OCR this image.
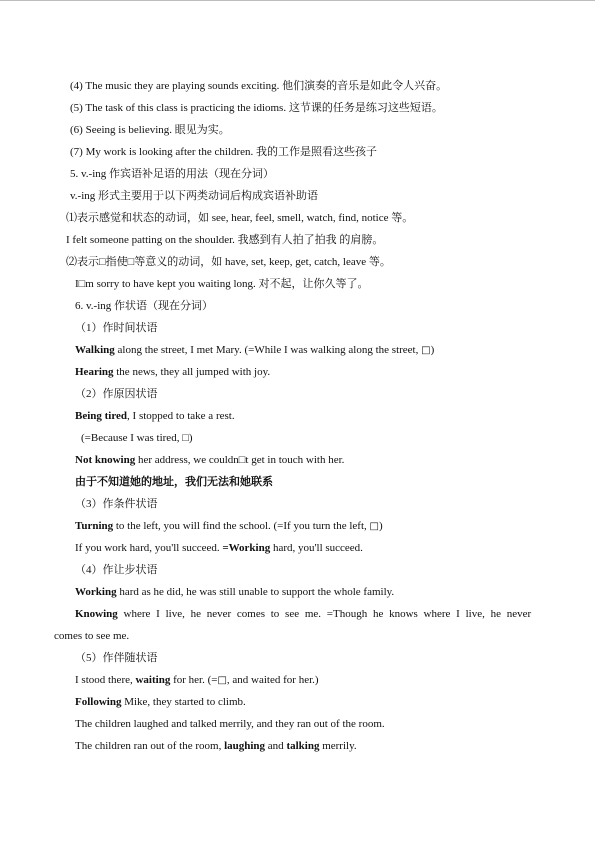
(4) The music they are playing sounds exciting. 他们演奏的音乐是如此令人兴奋。
(5) The task of this class is practicing the idioms. 这节课的任务是练习这些短语。
(6) Seeing is believing. 眼见为实。
(7) My work is looking after the children. 我的工作是照看这些孩子
5. v.-ing 作宾语补足语的用法（现在分词）
v.-ing 形式主要用于以下两类动词后构成宾语补助语
⑴表示感觉和状态的动词，如 see, hear, feel, smell, watch, find, notice 等。
I felt someone patting on the shoulder. 我感到有人拍了拍我 的肩膀。
⑵表示□指使□等意义的动词，如 have, set, keep, get, catch, leave 等。
I□m sorry to have kept you waiting long. 对不起，让你久等了。
6. v.-ing 作状语（现在分词）
（1）作时间状语
Walking along the street, I met Mary. (=While I was walking along the street, □)
Hearing the news, they all jumped with joy.
（2）作原因状语
Being tired, I stopped to take a rest.
(=Because I was tired, □)
Not knowing her address, we couldn□t get in touch with her.
由于不知道她的地址，我们无法和她联系
（3）作条件状语
Turning to the left, you will find the school. (=If you turn the left, □)
If you work hard, you'll succeed. =Working hard, you'll succeed.
（4）作让步状语
Working hard as he did, he was still unable to support the whole family.
Knowing where I live, he never comes to see me. =Though he knows where I live, he never
comes to see me.
（5）作伴随状语
I stood there, waiting for her. (=□, and waited for her.)
Following Mike, they started to climb.
The children laughed and talked merrily, and they ran out of the room.
The children ran out of the room, laughing and talking merrily.
